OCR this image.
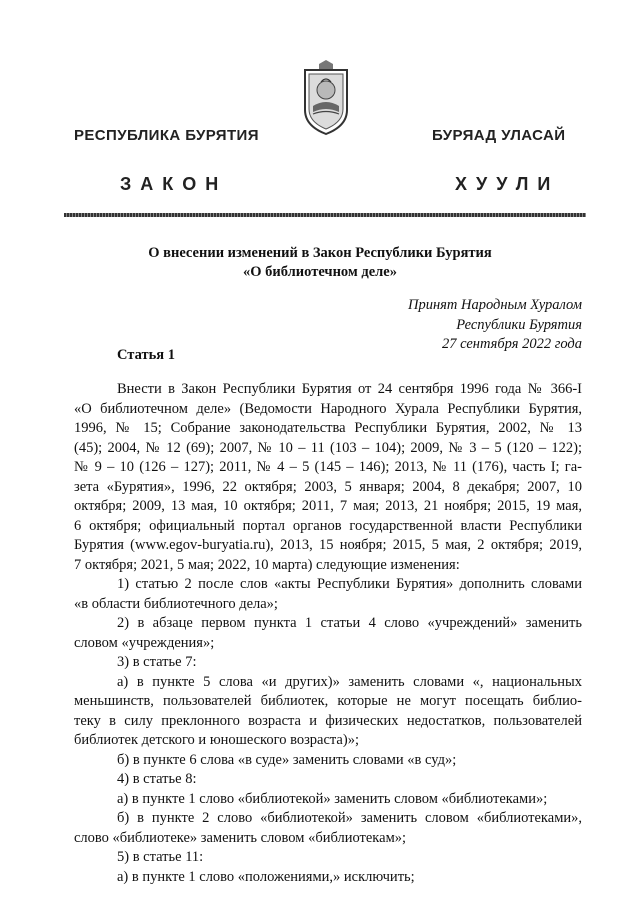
РЕСПУБЛИКА БУРЯТИЯ	БУРЯАД УЛАСАЙ
ЗАКОН	ХУУЛИ
О внесении изменений в Закон Республики Бурятия
«О библиотечном деле»
Принят Народным Хуралом
Республики Бурятия
27 сентября 2022 года
Статья 1
Внести в Закон Республики Бурятия от 24 сентября 1996 года № 366-I
«О библиотечном деле» (Ведомости Народного Хурала Республики Бурятия,
1996, № 15; Собрание законодательства Республики Бурятия, 2002, № 13
(45); 2004, № 12 (69); 2007, № 10 – 11 (103 – 104); 2009, № 3 – 5 (120 – 122);
№ 9 – 10 (126 – 127); 2011, № 4 – 5 (145 – 146); 2013, № 11 (176), часть I; га-
зета «Бурятия», 1996, 22 октября; 2003, 5 января; 2004, 8 декабря; 2007, 10
октября; 2009, 13 мая, 10 октября; 2011, 7 мая; 2013, 21 ноября; 2015, 19 мая,
6 октября; официальный портал органов государственной власти Республики
Бурятия (www.egov-buryatia.ru), 2013, 15 ноября; 2015, 5 мая, 2 октября; 2019,
7 октября; 2021, 5 мая; 2022, 10 марта) следующие изменения:
1) статью 2 после слов «акты Республики Бурятия» дополнить словами
«в области библиотечного дела»;
2) в абзаце первом пункта 1 статьи 4 слово «учреждений» заменить
словом «учреждения»;
3) в статье 7:
а) в пункте 5 слова «и других)» заменить словами «, национальных
меньшинств, пользователей библиотек, которые не могут посещать библио-
теку в силу преклонного возраста и физических недостатков, пользователей
библиотек детского и юношеского возраста)»;
б) в пункте 6 слова «в суде» заменить словами «в суд»;
4) в статье 8:
а) в пункте 1 слово «библиотекой» заменить словом «библиотеками»;
б) в пункте 2 слово «библиотекой» заменить словом «библиотеками»,
слово «библиотеке» заменить словом «библиотекам»;
5) в статье 11:
а) в пункте 1 слово «положениями,» исключить;
